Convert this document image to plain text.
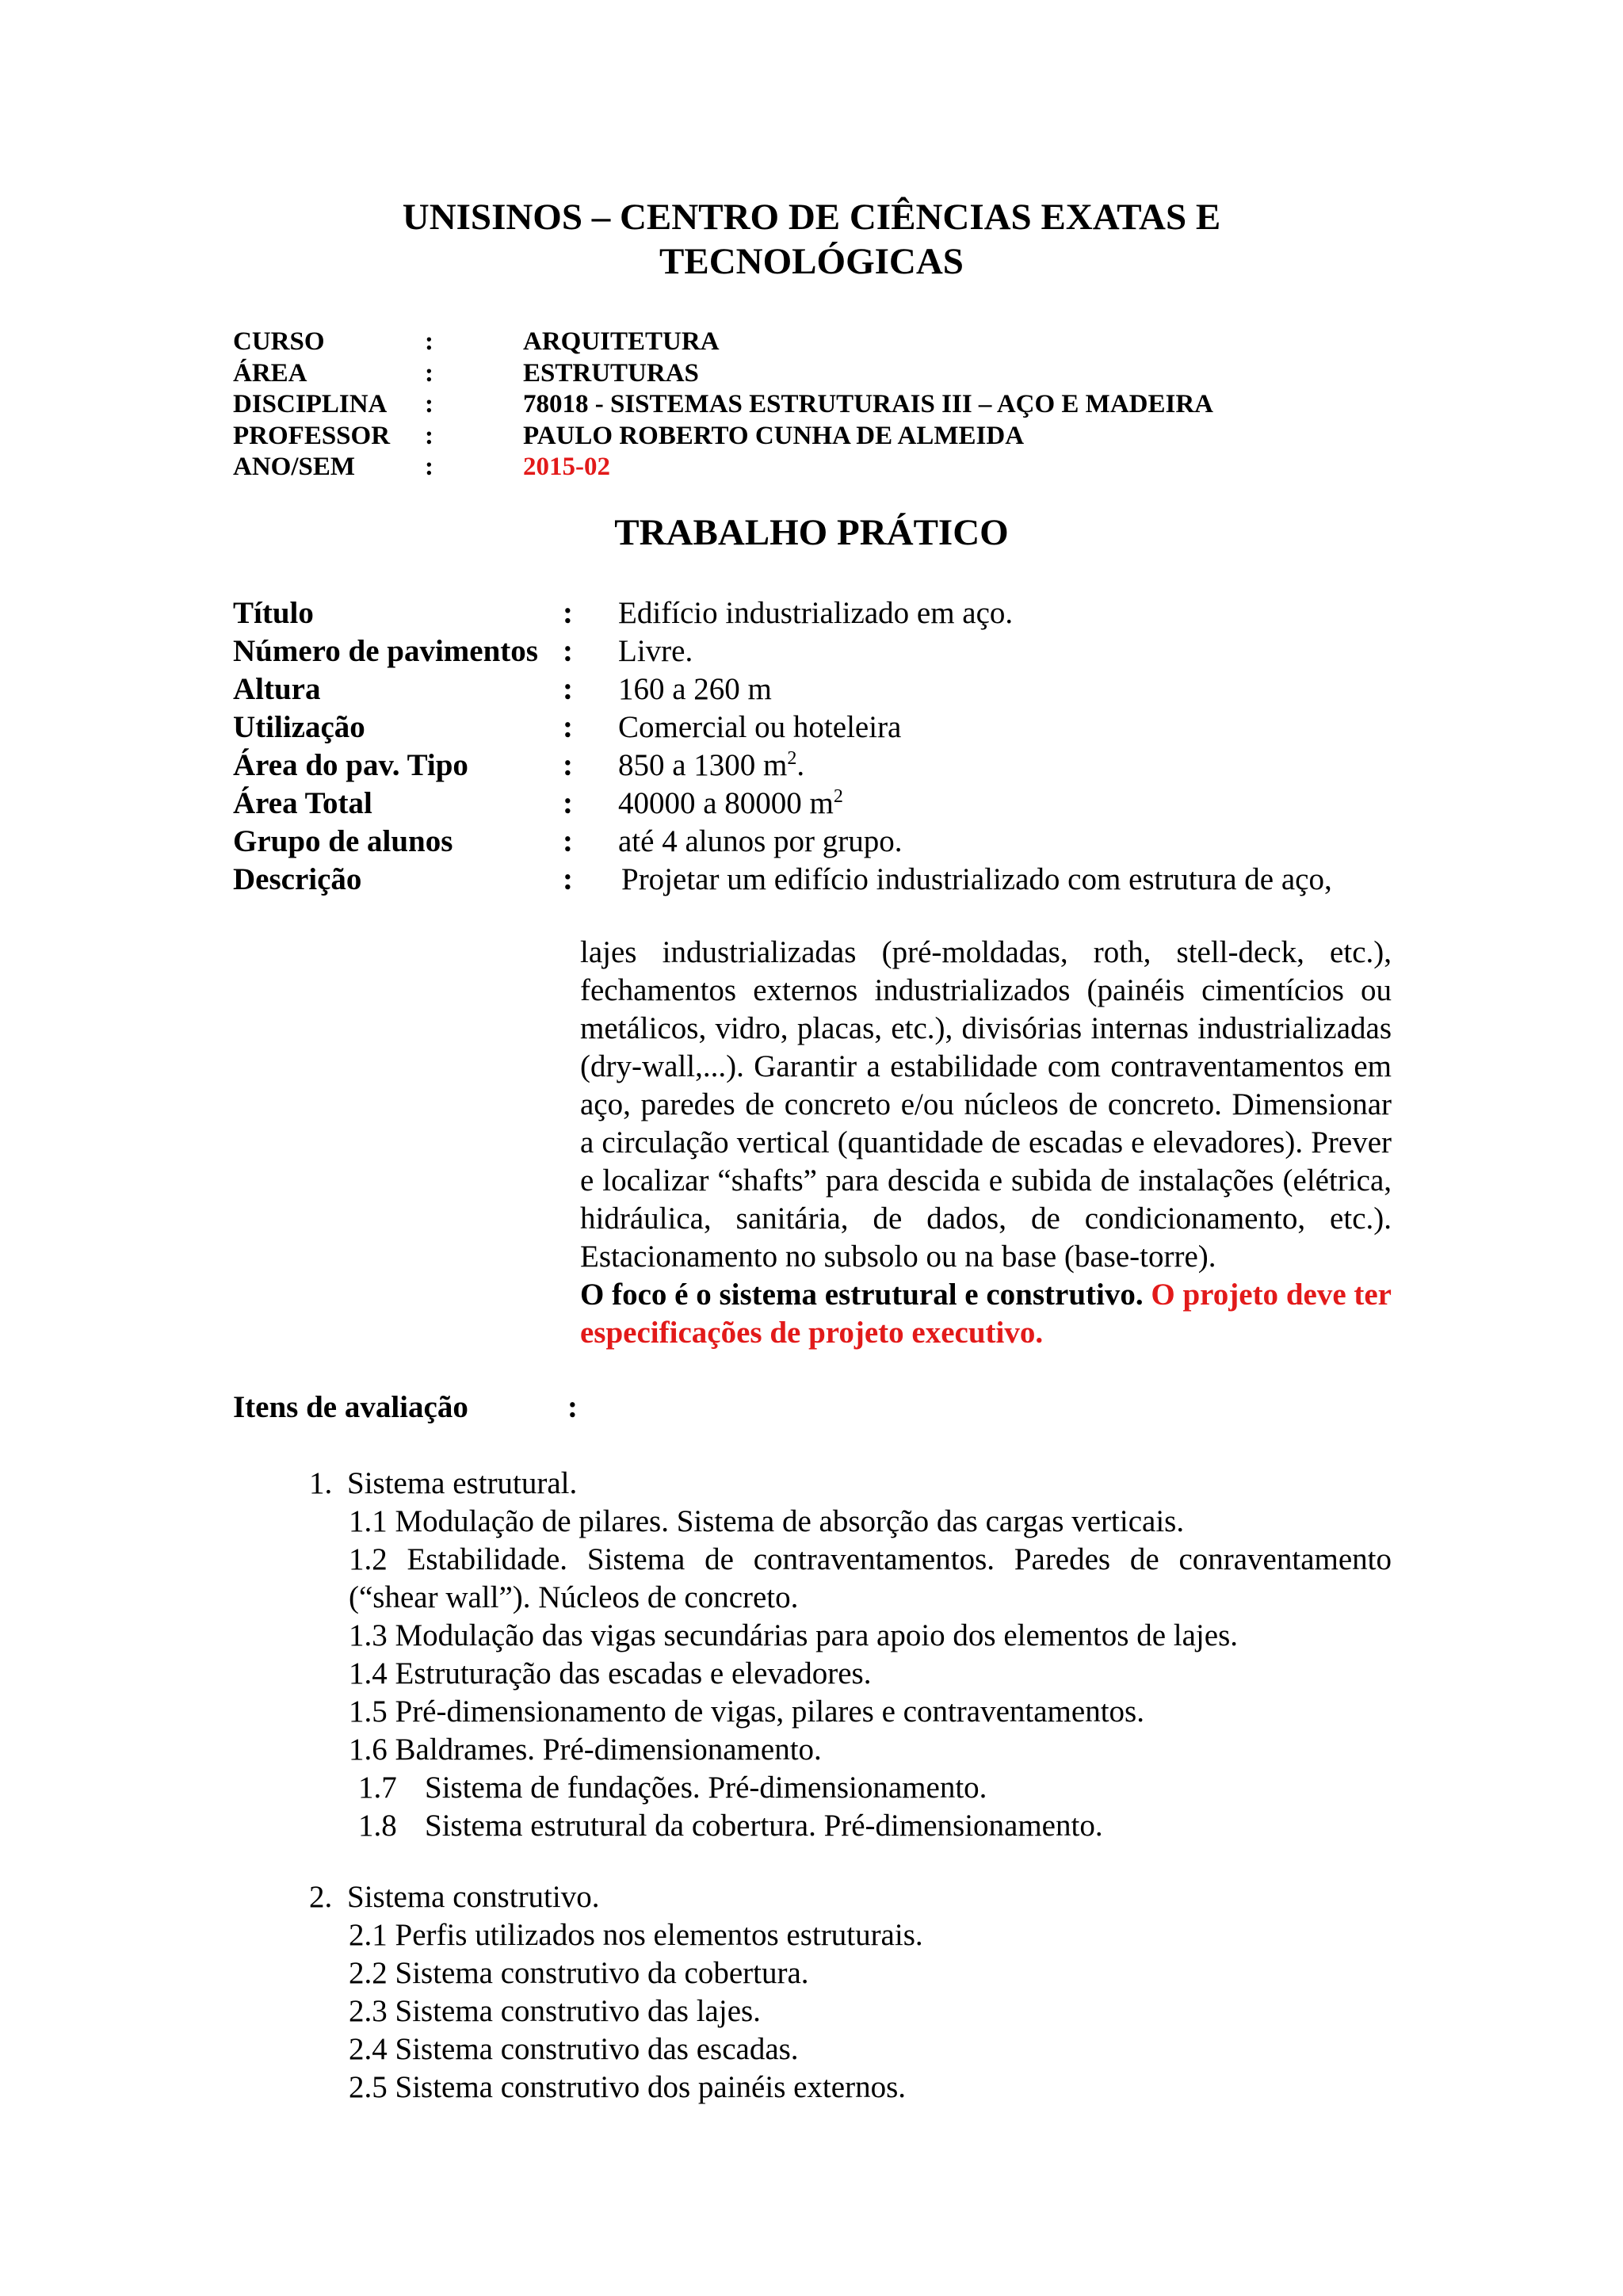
UNISINOS – CENTRO DE CIÊNCIAS EXATAS E
TECNOLÓGICAS
CURSO	:	ARQUITETURA
ÁREA	:	ESTRUTURAS
DISCIPLINA :	78018 - SISTEMAS ESTRUTURAIS III – AÇO E MADEIRA
PROFESSOR :	PAULO ROBERTO CUNHA DE ALMEIDA
ANO/SEM	:	2015-02
TRABALHO PRÁTICO
Título	: Edifício industrializado em aço.
Número de pavimentos : Livre.
Altura	: 160 a 260 m
Utilização	: Comercial ou hoteleira
Área do pav. Tipo	: 850 a 1300 $m^2$.
Área Total	: 40000 a 80000 $m^2$
Grupo de alunos	: até 4 alunos por grupo.
Descrição	: Projetar um edifício industrializado com estrutura de aço,

lajes industrializadas (pré-moldadas, roth, stell-deck, etc.), fechamentos externos industrializados (painéis cimentícios ou metálicos, vidro, placas, etc.), divisórias internas industrializadas (dry-wall,...). Garantir a estabilidade com contraventamentos em aço, paredes de concreto e/ou núcleos de concreto. Dimensionar a circulação vertical (quantidade de escadas e elevadores). Prever e localizar “shafts” para descida e subida de instalações (elétrica, hidráulica, sanitária, de dados, de condicionamento, etc.). Estacionamento no subsolo ou na base (base-torre).

O foco é o sistema estrutural e construtivo. O projeto deve ter especificações de projeto executivo.

Itens de avaliação	:
1. Sistema estrutural.
1.1 Modulação de pilares. Sistema de absorção das cargas verticais.
1.2 Estabilidade. Sistema de contraventamentos. Paredes de conraventamento (“shear wall”). Núcleos de concreto.
1.3 Modulação das vigas secundárias para apoio dos elementos de lajes.
1.4 Estruturação das escadas e elevadores.
1.5 Pré-dimensionamento de vigas, pilares e contraventamentos.
1.6 Baldrames. Pré-dimensionamento.
1.7 Sistema de fundações. Pré-dimensionamento.
1.8 Sistema estrutural da cobertura. Pré-dimensionamento.
2. Sistema construtivo.
2.1 Perfis utilizados nos elementos estruturais.
2.2 Sistema construtivo da cobertura.
2.3 Sistema construtivo das lajes.
2.4 Sistema construtivo das escadas.
2.5 Sistema construtivo dos painéis externos.
